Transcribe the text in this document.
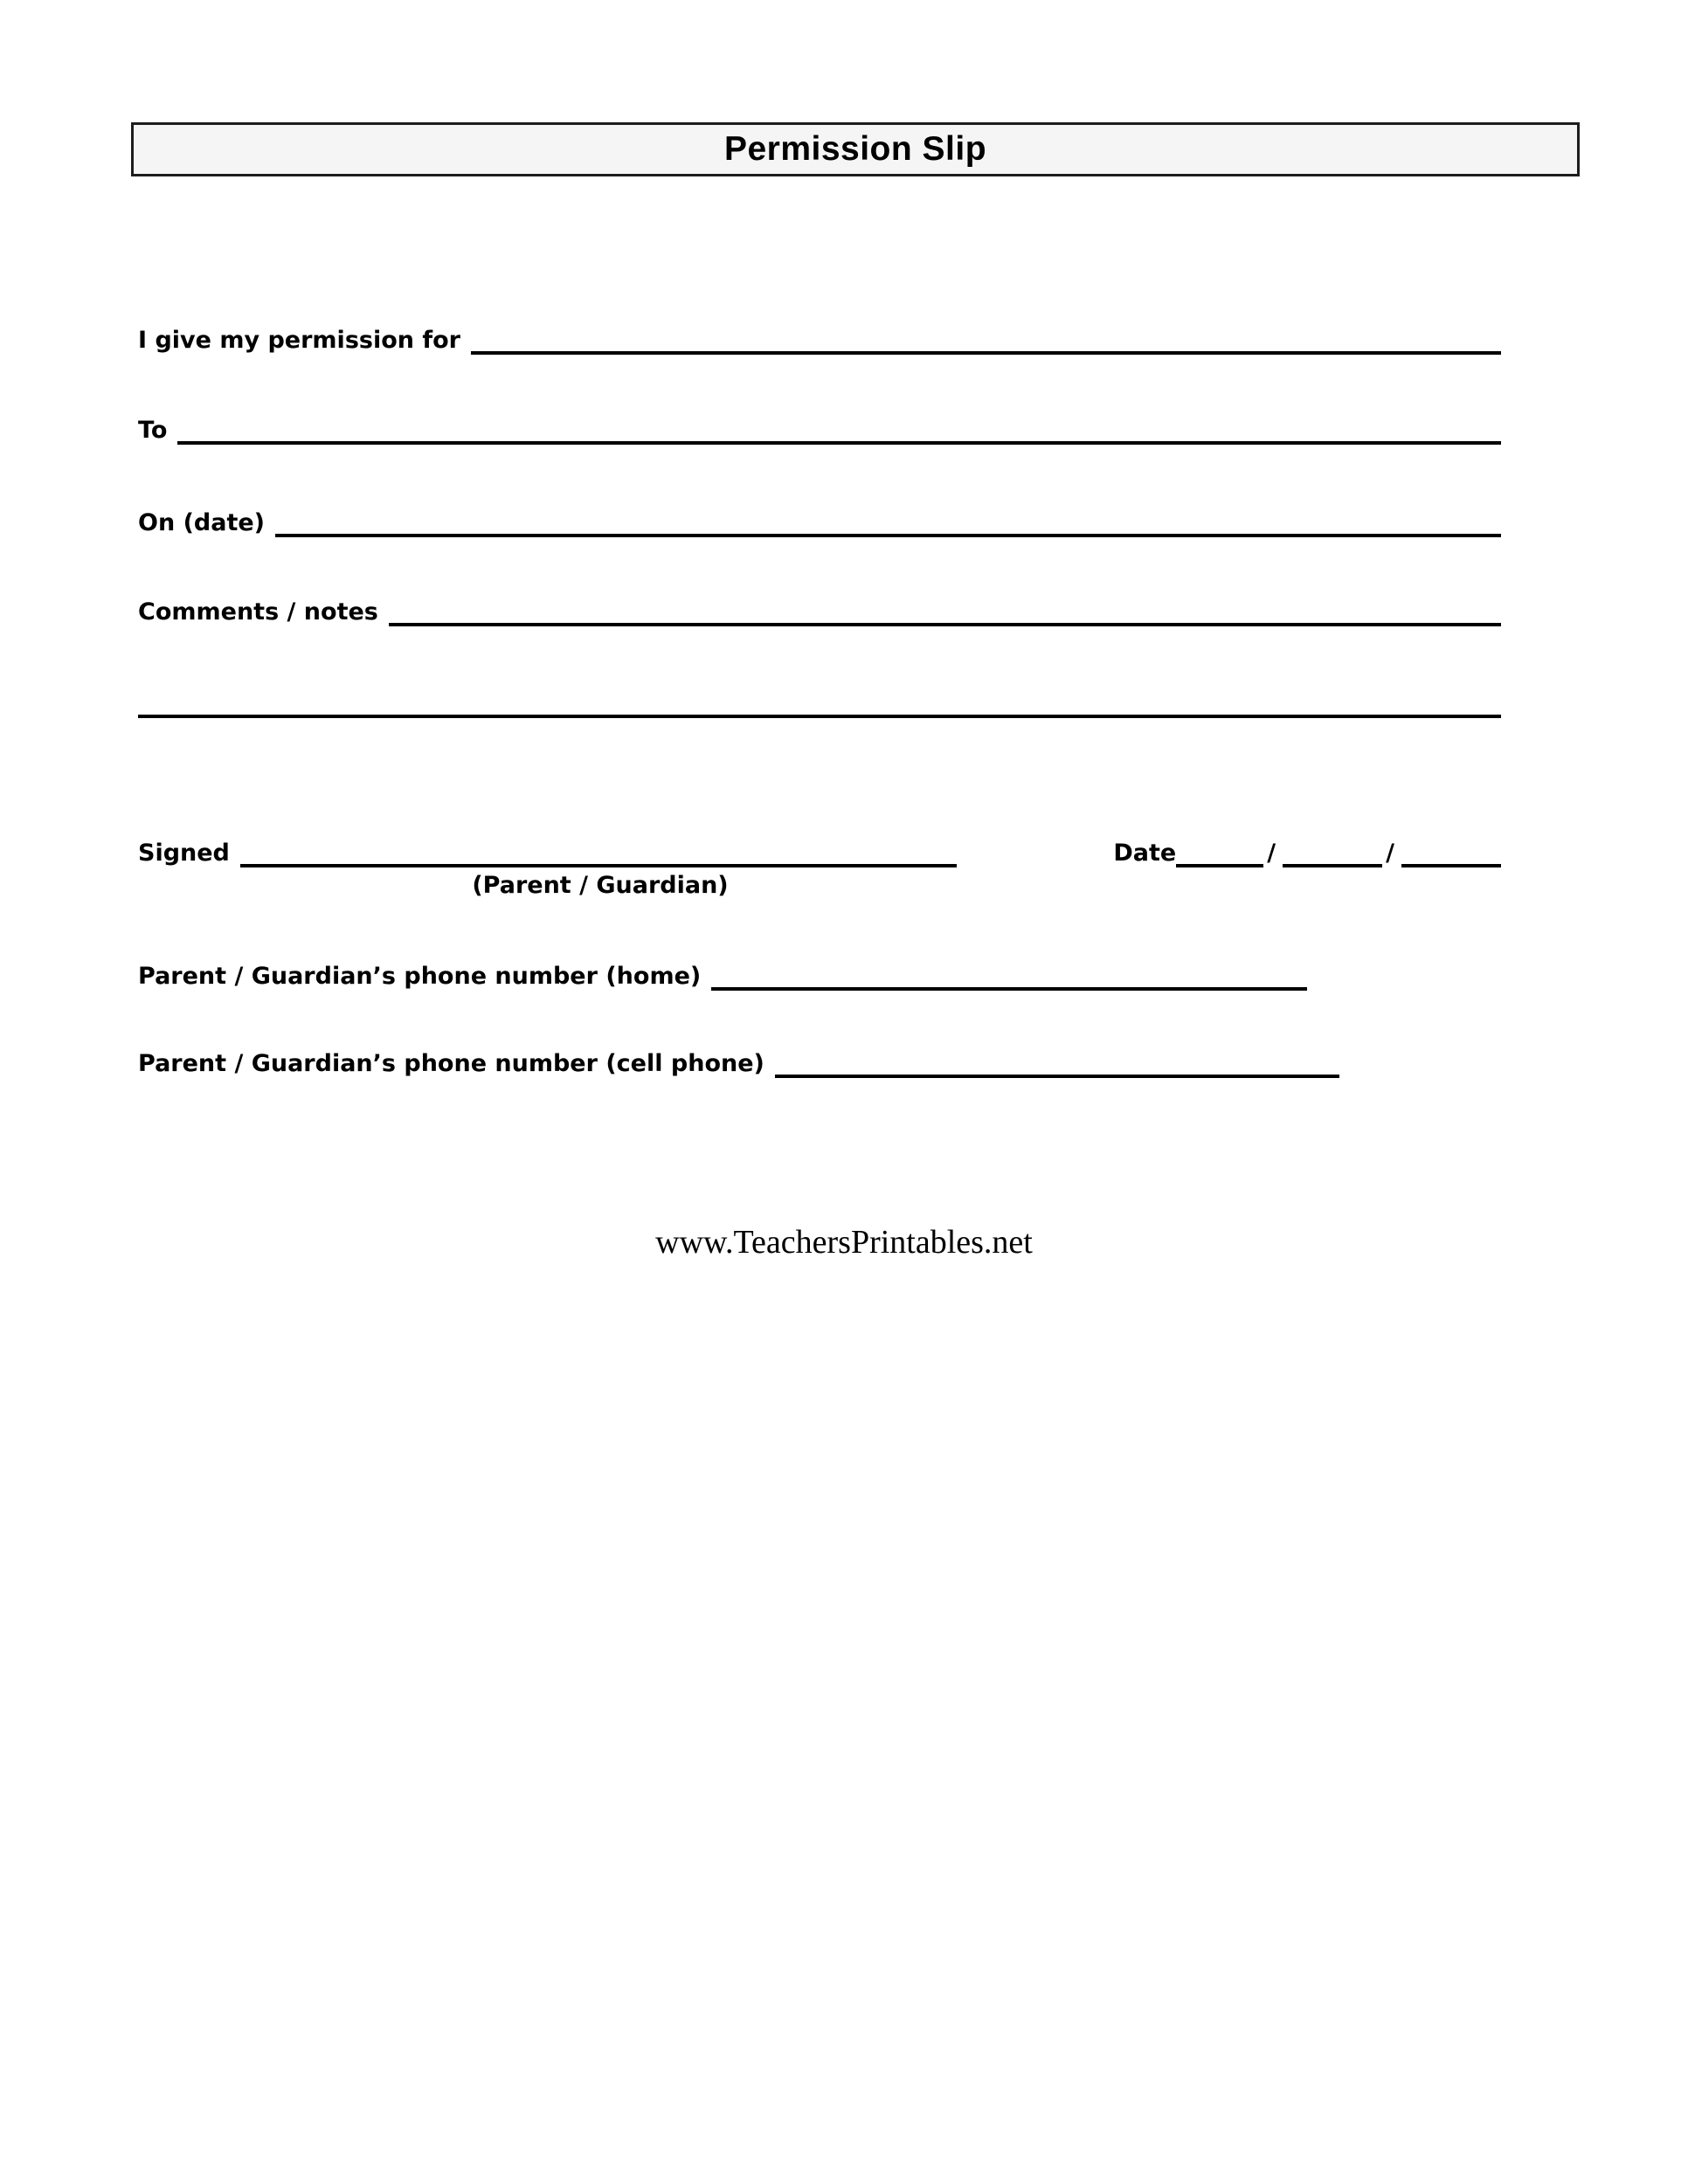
Permission Slip
I give my permission for
To
On (date)
Comments / notes
Signed	Date	/	/
(Parent / Guardian)
Parent / Guardian’s phone number (home)
Parent / Guardian’s phone number (cell phone)
www.TeachersPrintables.net
